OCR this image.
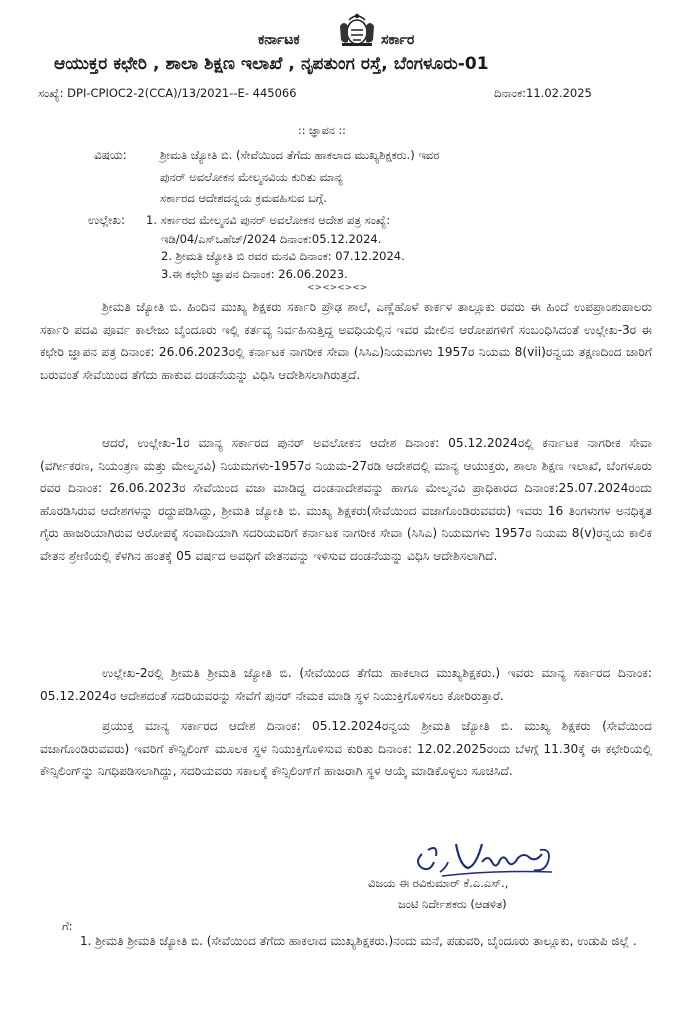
ಕರ್ನಾಟಕ	ಸರ್ಕಾರ
ಆಯುಕ್ತರ ಕಛೇರಿ , ಶಾಲಾ ಶಿಕ್ಷಣ ಇಲಾಖೆ , ನೃಪತುಂಗ ರಸ್ತೆ, ಬೆಂಗಳೂರು-01
ಸಂಖ್ಯೆ: DPI-CPIOC2-2(CCA)/13/2021--E- 445066	ದಿನಾಂಕ:11.02.2025
:: ಜ್ಞಾಪನ ::
ವಿಷಯ:	ಶ್ರೀಮತಿ ಜ್ಯೋತಿ ಬಿ. (ಸೇವೆಯಿಂದ ತೆಗೆದು ಹಾಕಲಾದ ಮುಖ್ಯಶಿಕ್ಷಕರು.) ಇವರ
ಪುನರ್ ಅವಲೋಕನ ಮೇಲ್ಮನವಿಯ ಕುರಿತು ಮಾನ್ಯ
ಸರ್ಕಾರದ ಆದೇಶದನ್ವಯ ಕ್ರಮವಹಿಸುವ ಬಗ್ಗೆ.
ಉಲ್ಲೇಖ: 1. ಸರ್ಕಾರದ ಮೇಲ್ಮನವಿ ಪುನರ್ ಅವಲೋಕನ ಆದೇಶ ಪತ್ರ ಸಂಖ್ಯೆ:
ಇಡಿ/04/ಎಸ್ಒಹೆಚ್/2024 ದಿನಾಂಕ:05.12.2024.
2. ಶ್ರೀಮತಿ ಜ್ಯೋತಿ ಬಿ ರವರ ಮನವಿ ದಿನಾಂಕ: 07.12.2024.
3.ಈ ಕಛೇರಿ ಜ್ಞಾಪನ ದಿನಾಂಕ: 26.06.2023.
<><><><>
ಶ್ರೀಮತಿ ಜ್ಯೋತಿ ಬಿ. ಹಿಂದಿನ ಮುಖ್ಯ ಶಿಕ್ಷಕರು ಸರ್ಕಾರಿ ಪ್ರೌಢ ಶಾಲೆ, ಎಣ್ಣೆಹೊಳೆ ಕಾರ್ಕಳ ತಾಲ್ಲೂಕು ರವರು ಈ ಹಿಂದೆ ಉಪಪ್ರಾಂಶುಪಾಲರು ಸರ್ಕಾರಿ ಪದವಿ ಪೂರ್ವ ಕಾಲೇಜು ಬೈಂದೂರು ಇಲ್ಲಿ ಕರ್ತವ್ಯ ನಿರ್ವಹಿಸುತ್ತಿದ್ದ ಅವಧಿಯಲ್ಲಿನ ಇವರ ಮೇಲಿನ ಆರೋಪಗಳಿಗೆ ಸಂಬಂಧಿಸಿದಂತೆ ಉಲ್ಲೇಖ-3ರ ಈ ಕಛೇರಿ ಜ್ಞಾಪನ ಪತ್ರ ದಿನಾಂಕ: 26.06.2023ರಲ್ಲಿ ಕರ್ನಾಟಕ ನಾಗರೀಕ ಸೇವಾ (ಸಿಸಿಎ)ನಿಯಮಗಳು 1957ರ ನಿಯಮ 8(vii)ರನ್ವಯ ತಕ್ಷಣದಿಂದ ಜಾರಿಗೆ ಬರುವಂತೆ ಸೇವೆಯಿಂದ ತೆಗೆದು ಹಾಕುವ ದಂಡನೆಯನ್ನು ವಿಧಿಸಿ ಆದೇಶಿಸಲಾಗಿರುತ್ತದೆ.
ಆದರೆ, ಉಲ್ಲೇಖ-1ರ ಮಾನ್ಯ ಸರ್ಕಾರದ ಪುನರ್ ಅವಲೋಕನ ಆದೇಶ ದಿನಾಂಕ: 05.12.2024ರಲ್ಲಿ ಕರ್ನಾಟಕ ನಾಗರೀಕ ಸೇವಾ (ವರ್ಗೀಕರಣ, ನಿಯಂತ್ರಣ ಮತ್ತು ಮೇಲ್ಮನವಿ) ನಿಯಮಗಳು-1957ರ ನಿಯಮ-27ರಡಿ ಆದೇಶದಲ್ಲಿ ಮಾನ್ಯ ಆಯುಕ್ತರು, ಶಾಲಾ ಶಿಕ್ಷಣ ಇಲಾಖೆ, ಬೆಂಗಳೂರು ರವರ ದಿನಾಂಕ: 26.06.2023ರ ಸೇವೆಯಿಂದ ವಜಾ ಮಾಡಿದ್ದ ದಂಡನಾದೇಶವನ್ನು ಹಾಗೂ ಮೇಲ್ಮನವಿ ಪ್ರಾಧಿಕಾರದ ದಿನಾಂಕ:25.07.2024ರಂದು ಹೊರಡಿಸಿರುವ ಆದೇಶಗಳನ್ನು ರದ್ದುಪಡಿಸಿದ್ದು, ಶ್ರೀಮತಿ ಜ್ಯೋತಿ ಬಿ. ಮುಖ್ಯ ಶಿಕ್ಷಕರು(ಸೇವೆಯಿಂದ ವಜಾಗೊಂಡಿರುವವರು) ಇವರು 16 ತಿಂಗಳುಗಳ ಅನಧಿಕೃತ ಗೈರು ಹಾಜರಿಯಾಗಿರುವ ಆರೋಪಕ್ಕೆ ಸಂವಾದಿಯಾಗಿ ಸದರಿಯವರಿಗೆ ಕರ್ನಾಟಕ ನಾಗರೀಕ ಸೇವಾ (ಸಿಸಿಎ) ನಿಯಮಗಳು 1957ರ ನಿಯಮ 8(v)ರನ್ವಯ ಕಾಲಿಕ ವೇತನ ಶ್ರೇಣಿಯಲ್ಲಿ ಕೆಳಗಿನ ಹಂತಕ್ಕೆ 05 ವರ್ಷದ ಅವಧಿಗೆ ವೇತನವನ್ನು ಇಳಿಸುವ ದಂಡನೆಯನ್ನು ವಿಧಿಸಿ ಆದೇಶಿಸಲಾಗಿದೆ.
ಉಲ್ಲೇಖ-2ರಲ್ಲಿ ಶ್ರೀಮತಿ ಶ್ರೀಮತಿ ಜ್ಯೋತಿ ಬಿ. (ಸೇವೆಯಿಂದ ತೆಗೆದು ಹಾಕಲಾದ ಮುಖ್ಯಶಿಕ್ಷಕರು.) ಇವರು ಮಾನ್ಯ ಸರ್ಕಾರದ ದಿನಾಂಕ: 05.12.2024ರ ಆದೇಶದಂತೆ ಸದರಿಯವರನ್ನು ಸೇವೆಗೆ ಪುನರ್ ನೇಮಕ ಮಾಡಿ ಸ್ಥಳ ನಿಯುಕ್ತಿಗೊಳಿಸಲು ಕೋರಿರುತ್ತಾರೆ.
ಪ್ರಯುಕ್ತ ಮಾನ್ಯ ಸರ್ಕಾರದ ಆದೇಶ ದಿನಾಂಕ: 05.12.2024ರನ್ವಯ ಶ್ರೀಮತಿ ಜ್ಯೋತಿ ಬಿ. ಮುಖ್ಯ ಶಿಕ್ಷಕರು (ಸೇವೆಯಿಂದ ವಜಾಗೊಂಡಿರುವವರು) ಇವರಿಗೆ ಕೌನ್ಸಿಲಿಂಗ್ ಮೂಲಕ ಸ್ಥಳ ನಿಯುಕ್ತಿಗೊಳಿಸುವ ಕುರಿತು ದಿನಾಂಕ: 12.02.2025ರಂದು ಬೆಳಗ್ಗೆ 11.30ಕ್ಕೆ ಈ ಕಛೇರಿಯಲ್ಲಿ ಕೌನ್ಸಿಲಿಂಗ್‌ನ್ನು ನಿಗಧಿಪಡಿಸಲಾಗಿದ್ದು, ಸದರಿಯವರು ಸಕಾಲಕ್ಕೆ ಕೌನ್ಸಿಲಿಂಗ್‌ಗೆ ಹಾಜರಾಗಿ ಸ್ಥಳ ಆಯ್ಕೆ ಮಾಡಿಕೊಳ್ಳಲು ಸೂಚಿಸಿದೆ.
ವಿಜಯ ಈ ರವಿಕುಮಾರ್ ಕೆ.ಎ.ಎಸ್.,
ಜಂಟಿ ನಿರ್ದೇಶಕರು (ಆಡಳಿತ)
ಗೆ:
1. ಶ್ರೀಮತಿ ಶ್ರೀಮತಿ ಜ್ಯೋತಿ ಬಿ. (ಸೇವೆಯಿಂದ ತೆಗೆದು ಹಾಕಲಾದ ಮುಖ್ಯಶಿಕ್ಷಕರು.)ನಂದು ಮನೆ, ಪಡುವರಿ, ಬೈಂದೂರು ತಾಲ್ಲೂಕು, ಉಡುಪಿ ಜಿಲ್ಲೆ .
